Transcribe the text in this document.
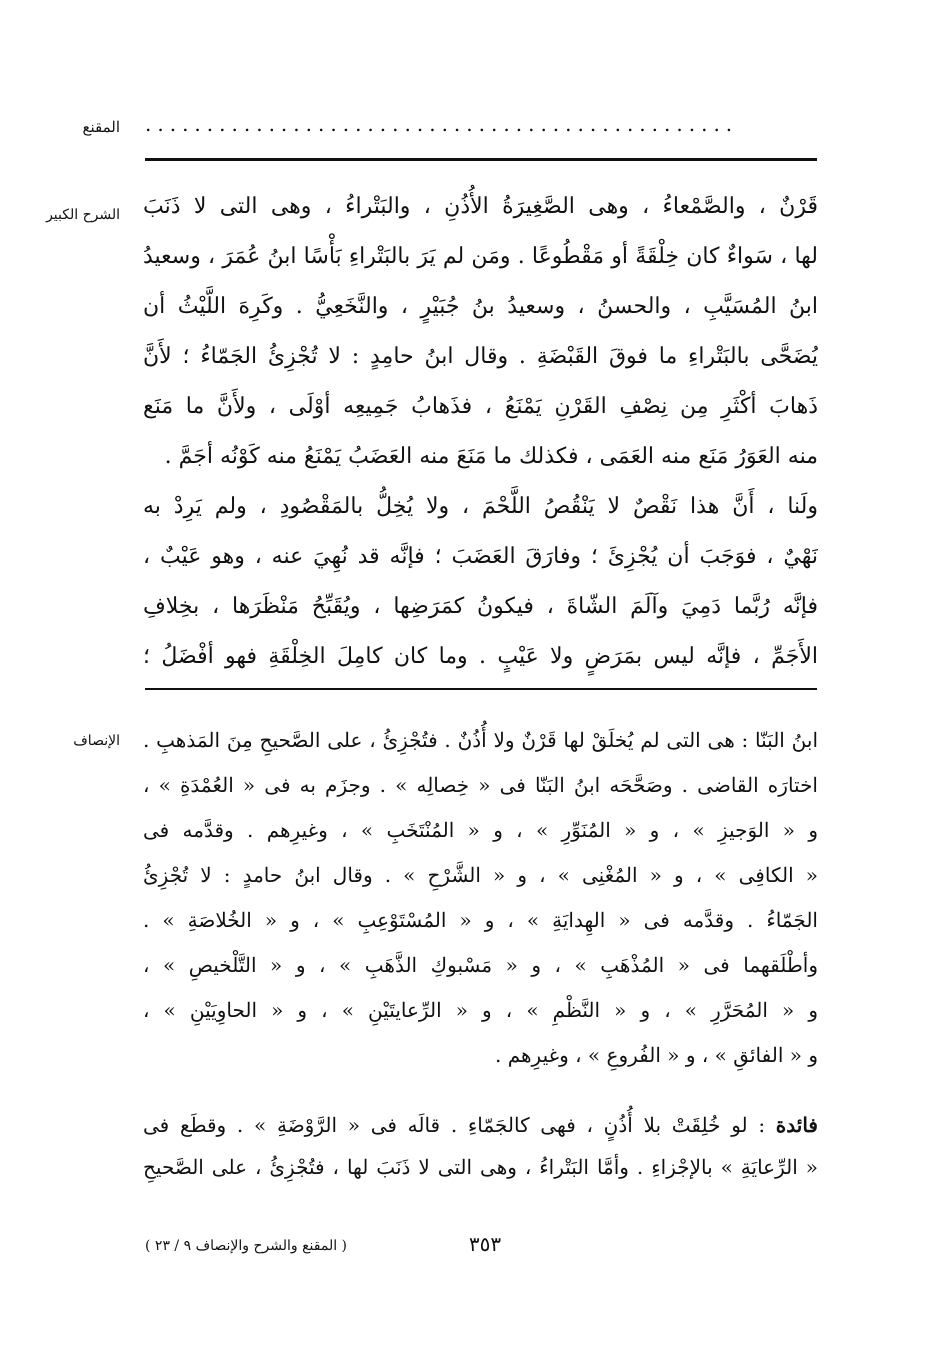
المقنع ................................................
الشرح الكبير قَرْنٌ ، والصَّمْعاءُ ، وهى الصَّغِيرَةُ الأُذُنِ ، والبَتْراءُ ، وهى التى لا ذَنَبَ
لها ، سَواءٌ كان خِلْقَةً أو مَقْطُوعًا . ومَن لم يَرَ بالبَتْراءِ بَأْسًا ابنُ عُمَرَ ، وسعيدُ
ابنُ المُسَيَّبِ ، والحسنُ ، وسعيدُ بنُ جُبَيْرٍ ، والنَّخَعِيُّ . وكَرِهَ اللَّيْثُ أن
يُضَحَّى بالبَتْراءِ ما فوقَ القَبْضَةِ . وقال ابنُ حامِدٍ : لا تُجْزِئُ الجَمّاءُ ؛ لأَنَّ
ذَهابَ أكْثَرِ مِن نِصْفِ القَرْنِ يَمْنَعُ ، فذَهابُ جَمِيعِه أوْلَى ، ولأَنَّ ما مَنَع
منه العَوَرُ مَنَع منه العَمَى ، فكذلك ما مَنَعَ منه العَضَبُ يَمْنَعُ منه كَوْنُه أجَمَّ .
ولَنا ، أَنَّ هذا نَقْصٌ لا يَنْقُصُ اللَّحْمَ ، ولا يُخِلُّ بالمَقْصُودِ ، ولم يَرِدْ به
نَهْيٌ ، فوَجَبَ أن يُجْزِئَ ؛ وفارَقَ العَضَبَ ؛ فإنَّه قد نُهِيَ عنه ، وهو عَيْبٌ ،
فإنَّه رُبَّما دَمِيَ وآلَمَ الشّاةَ ، فيكونُ كمَرَضِها ، ويُقَبِّحُ مَنْظَرَها ، بخِلافِ
الأَجَمِّ ، فإنَّه ليس بمَرَضٍ ولا عَيْبٍ . وما كان كامِلَ الخِلْقَةِ فهو أفْضَلُ ؛
الإنصاف ابنُ البَنّا : هى التى لم يُخلَقْ لها قَرْنٌ ولا أُذُنٌ . فتُجْزِئُ ، على الصَّحيحِ مِنَ المَذهبِ .
اختارَه القاضى . وصَحَّحَه ابنُ البَنّا فى « خِصالِه » . وجزَم به فى « العُمْدَةِ » ،
و « الوَجيزِ » ، و « المُنَوِّرِ » ، و « المُنْتَخَبِ » ، وغيرِهم . وقدَّمه فى
« الكافِى » ، و « المُغْنِى » ، و « الشَّرْحِ » . وقال ابنُ حامدٍ : لا تُجْزِئُ
الجَمّاءُ . وقدَّمه فى « الهِدايَةِ » ، و « المُسْتَوْعِبِ » ، و « الخُلاصَةِ » .
وأطْلَقهما فى « المُذْهَبِ » ، و « مَسْبوكِ الذَّهَبِ » ، و « التَّلْخيصِ » ،
و « المُحَرَّرِ » ، و « النَّظْمِ » ، و « الرِّعايتَيْنِ » ، و « الحاوِيَيْنِ » ،
و « الفائقِ » ، و « الفُروعِ » ، وغيرِهم .
فائدة : لو خُلِقَتْ بلا أُذُنٍ ، فهى كالجَمّاءِ . قالَه فى « الرَّوْضَةِ » . وقطَع فى
« الرِّعايَةِ » بالإجْزاءِ . وأمَّا البَتْراءُ ، وهى التى لا ذَنَبَ لها ، فتُجْزِئُ ، على الصَّحيحِ
( المقنع والشرح والإنصاف ٩ / ٢٣ )	٣٥٣
